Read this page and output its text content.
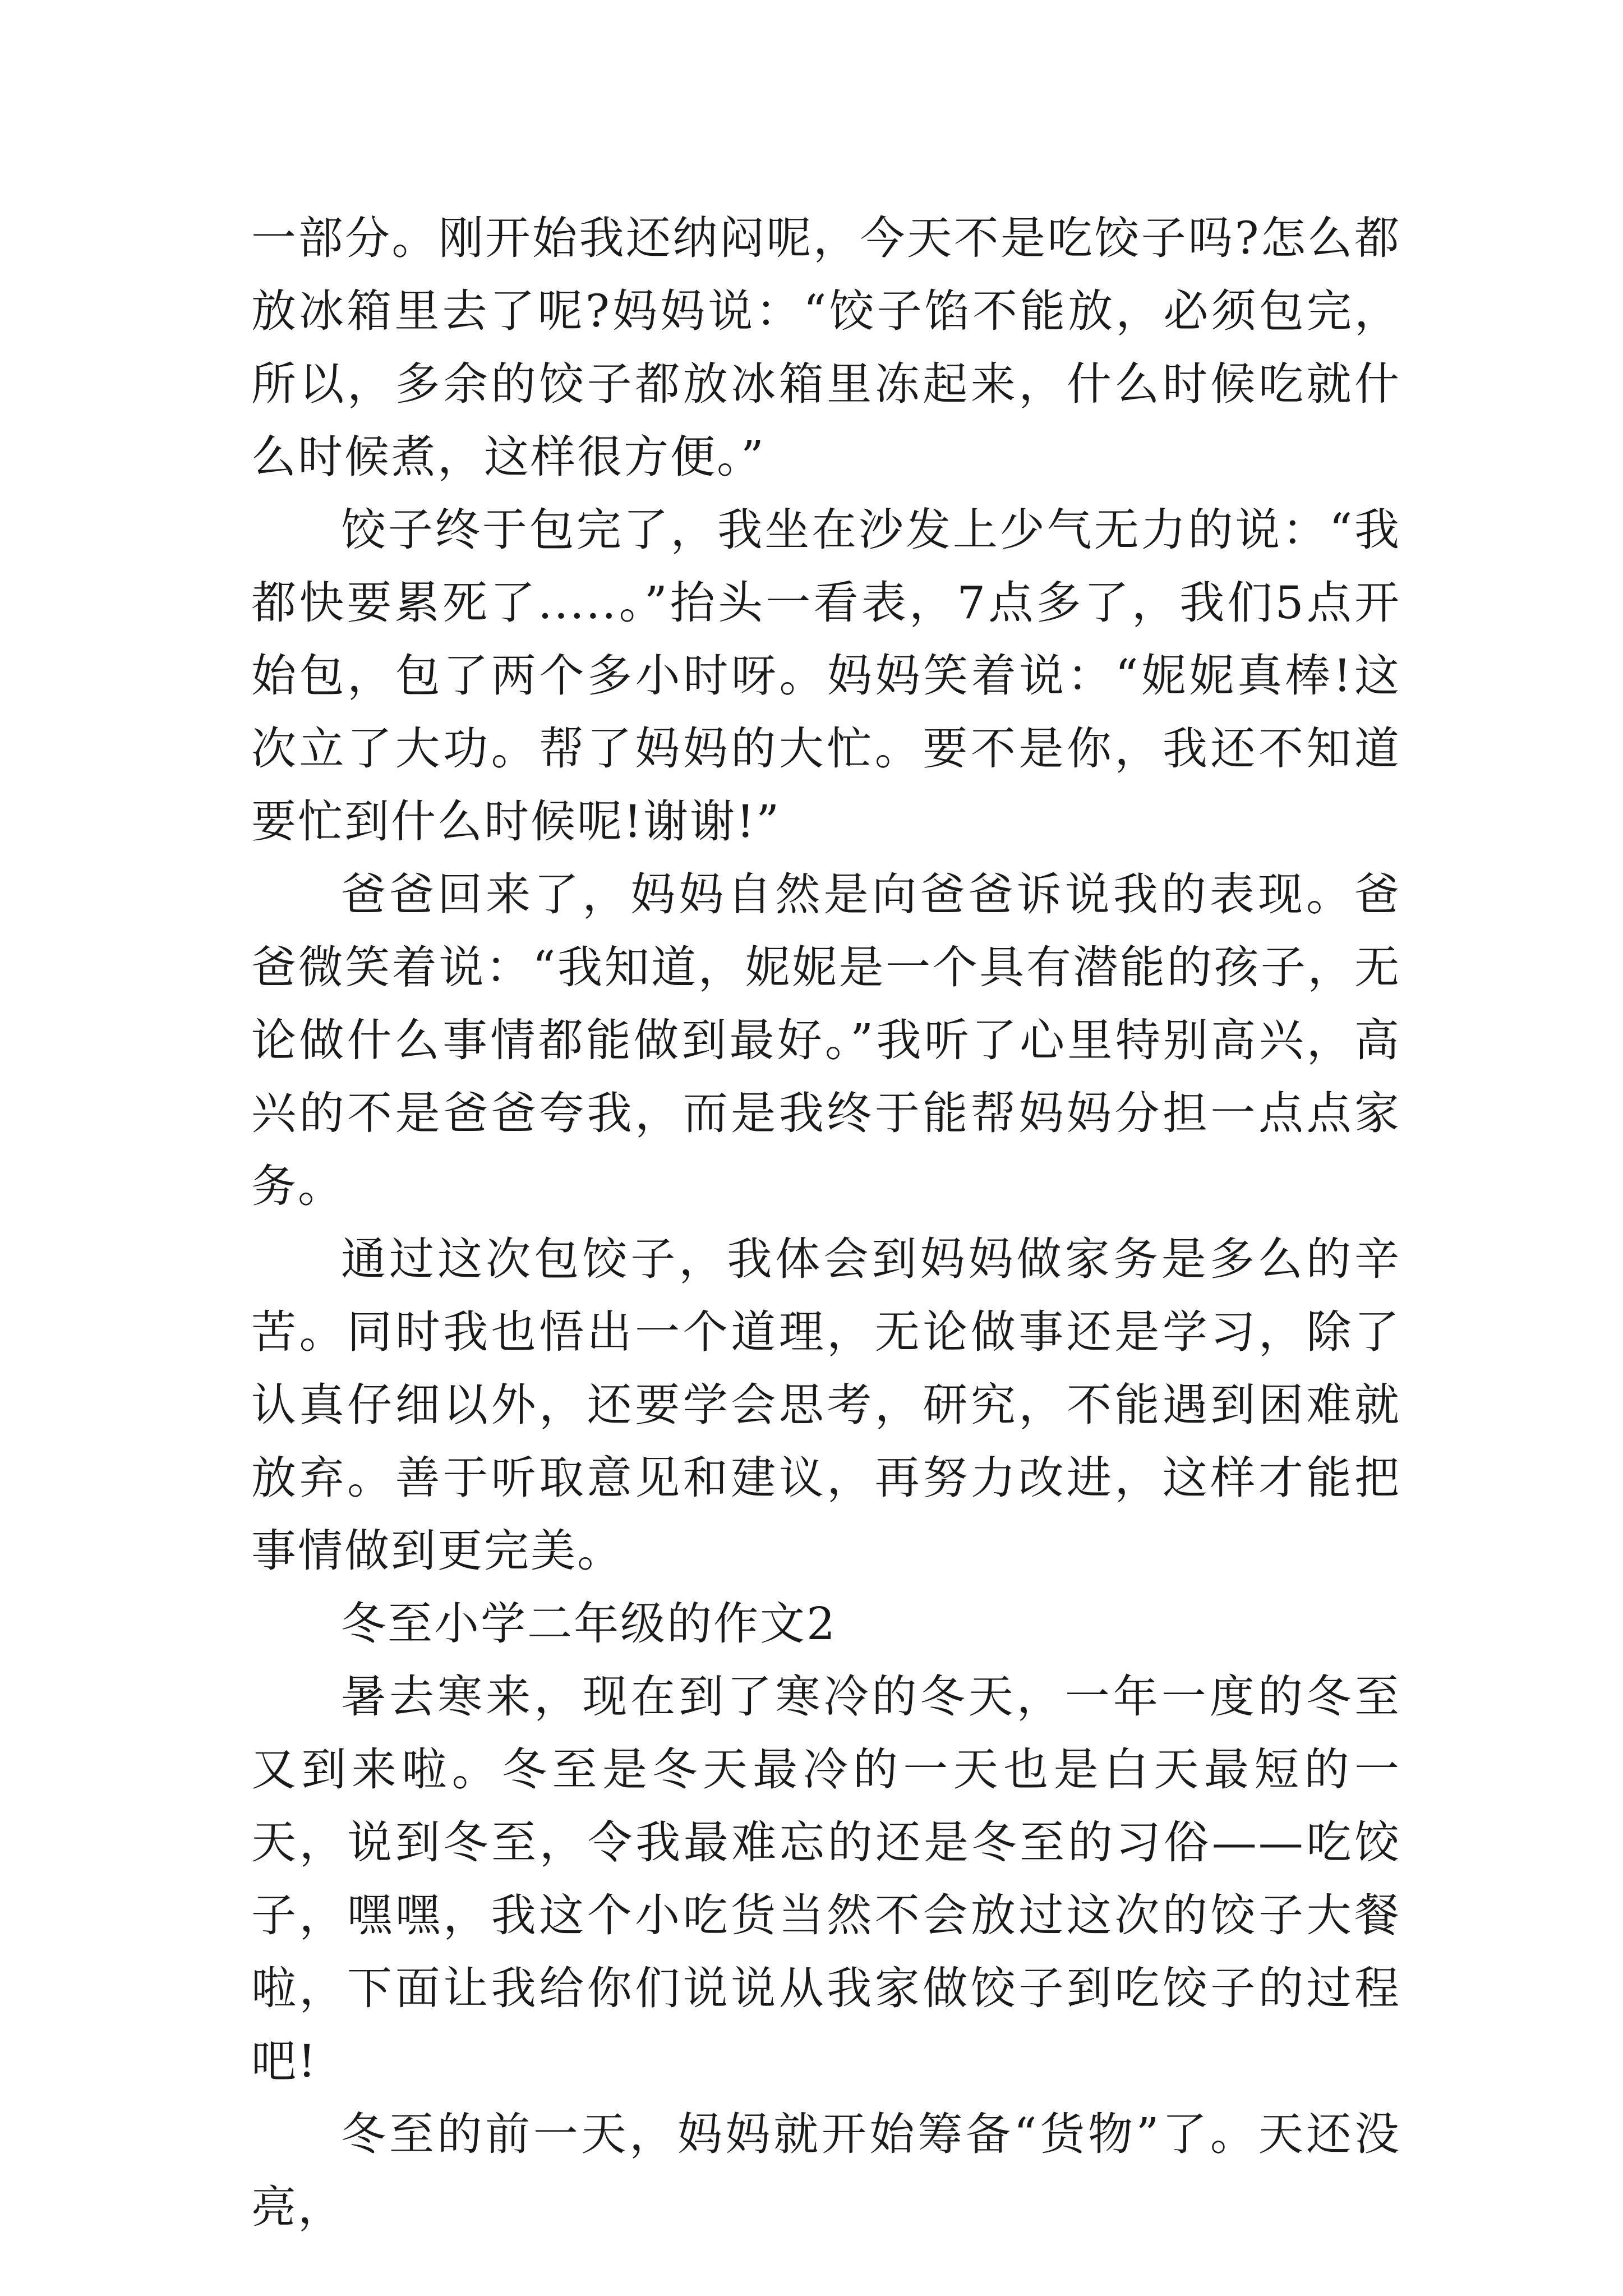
一部分。刚开始我还纳闷呢，今天不是吃饺子吗?怎么都放冰箱里去了呢?妈妈说：“饺子馅不能放，必须包完，所以，多余的饺子都放冰箱里冻起来，什么时候吃就什么时候煮，这样很方便。”

饺子终于包完了，我坐在沙发上少气无力的说：“我都快要累死了.....。”抬头一看表，7点多了，我们5点开始包，包了两个多小时呀。妈妈笑着说：“妮妮真棒!这次立了大功。帮了妈妈的大忙。要不是你，我还不知道要忙到什么时候呢!谢谢!”

爸爸回来了，妈妈自然是向爸爸诉说我的表现。爸爸微笑着说：“我知道，妮妮是一个具有潜能的孩子，无论做什么事情都能做到最好。”我听了心里特别高兴，高兴的不是爸爸夸我，而是我终于能帮妈妈分担一点点家务。

通过这次包饺子，我体会到妈妈做家务是多么的辛苦。同时我也悟出一个道理，无论做事还是学习，除了认真仔细以外，还要学会思考，研究，不能遇到困难就放弃。善于听取意见和建议，再努力改进，这样才能把事情做到更完美。

冬至小学二年级的作文2

暑去寒来，现在到了寒冷的冬天，一年一度的冬至又到来啦。冬至是冬天最冷的一天也是白天最短的一天，说到冬至，令我最难忘的还是冬至的习俗——吃饺子，嘿嘿，我这个小吃货当然不会放过这次的饺子大餐啦，下面让我给你们说说从我家做饺子到吃饺子的过程吧!

冬至的前一天，妈妈就开始筹备“货物”了。天还没亮，
